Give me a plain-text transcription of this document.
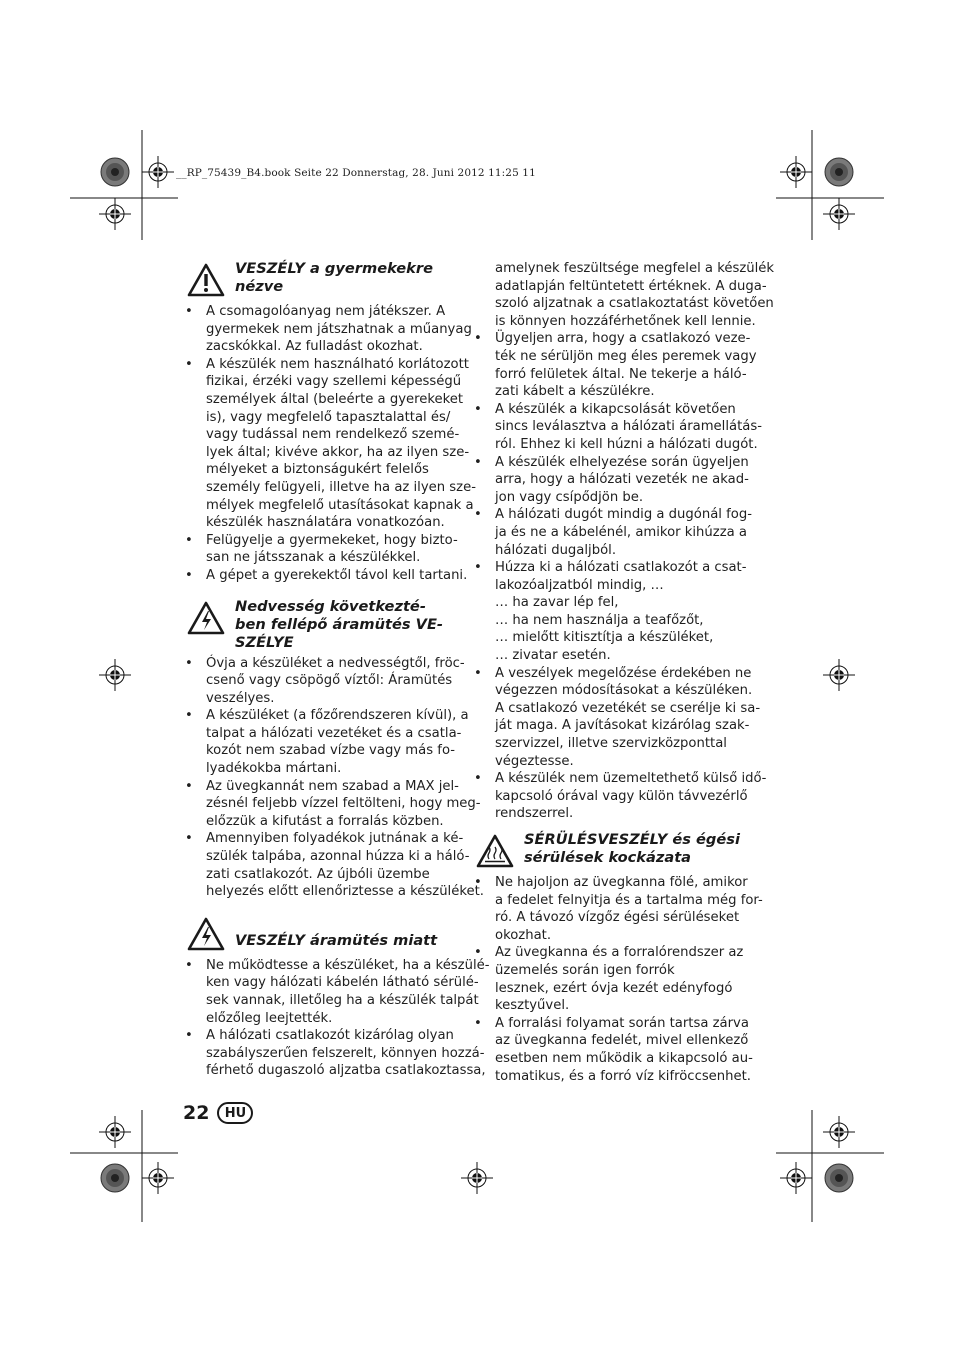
__RP_75439_B4.book Seite 22 Donnerstag, 28. Juni 2012 11:25 11
VESZÉLY a gyermekekre
nézve
• A csomagolóanyag nem játékszer. A
gyermekek nem játszhatnak a műanyag
zacskókkal. Az fulladást okozhat.
• A készülék nem használható korlátozott
fizikai, érzéki vagy szellemi képességű
személyek által (beleérte a gyerekeket
is), vagy megfelelő tapasztalattal és/
vagy tudással nem rendelkező szemé-
lyek által; kivéve akkor, ha az ilyen sze-
mélyeket a biztonságukért felelős
személy felügyeli, illetve ha az ilyen sze-
mélyek megfelelő utasításokat kapnak a
készülék használatára vonatkozóan.
• Felügyelje a gyermekeket, hogy bizto-
san ne játsszanak a készülékkel.
• A gépet a gyerekektől távol kell tartani.
Nedvesség következté-
ben fellépő áramütés VE-
SZÉLYE
• Óvja a készüléket a nedvességtől, fröc-
csenő vagy csöpögő víztől: Áramütés
veszélyes.
• A készüléket (a főzőrendszeren kívül), a
talpat a hálózati vezetéket és a csatla-
kozót nem szabad vízbe vagy más fo-
lyadékokba mártani.
• Az üvegkannát nem szabad a MAX jel-
zésnél feljebb vízzel feltölteni, hogy meg-
előzzük a kifutást a forralás közben.
• Amennyiben folyadékok jutnának a ké-
szülék talpába, azonnal húzza ki a háló-
zati csatlakozót. Az újbóli üzembe
helyezés előtt ellenőriztesse a készüléket.
VESZÉLY áramütés miatt
• Ne működtesse a készüléket, ha a készülé-
ken vagy hálózati kábelén látható sérülé-
sek vannak, illetőleg ha a készülék talpát
előzőleg leejtették.
• A hálózati csatlakozót kizárólag olyan
szabályszerűen felszerelt, könnyen hozzá-
férhető dugaszoló aljzatba csatlakoztassa,
amelynek feszültsége megfelel a készülék
adatlapján feltüntetett értéknek. A duga-
szoló aljzatnak a csatlakoztatást követően
is könnyen hozzáférhetőnek kell lennie.
• Ügyeljen arra, hogy a csatlakozó veze-
ték ne sérüljön meg éles peremek vagy
forró felületek által. Ne tekerje a háló-
zati kábelt a készülékre.
• A készülék a kikapcsolását követően
sincs leválasztva a hálózati áramellátás-
ról. Ehhez ki kell húzni a hálózati dugót.
• A készülék elhelyezése során ügyeljen
arra, hogy a hálózati vezeték ne akad-
jon vagy csípődjön be.
• A hálózati dugót mindig a dugónál fog-
ja és ne a kábelénél, amikor kihúzza a
hálózati dugaljból.
• Húzza ki a hálózati csatlakozót a csat-
lakozóaljzatból mindig, …
… ha zavar lép fel,
… ha nem használja a teafőzőt,
… mielőtt kitisztítja a készüléket,
… zivatar esetén.
• A veszélyek megelőzése érdekében ne
végezzen módosításokat a készüléken.
A csatlakozó vezetékét se cserélje ki sa-
ját maga. A javításokat kizárólag szak-
szervizzel, illetve szervizközponttal
végeztesse.
• A készülék nem üzemeltethető külső idő-
kapcsoló órával vagy külön távvezérlő
rendszerrel.
SÉRÜLÉSVESZÉLY és égési
sérülések kockázata
• Ne hajoljon az üvegkanna fölé, amikor
a fedelet felnyitja és a tartalma még for-
ró. A távozó vízgőz égési sérüléseket
okozhat.
• Az üvegkanna és a forralórendszer az
üzemelés során igen forrók
lesznek, ezért óvja kezét edényfogó
kesztyűvel.
• A forralási folyamat során tartsa zárva
az üvegkanna fedelét, mivel ellenkező
esetben nem működik a kikapcsoló au-
tomatikus, és a forró víz kifröccsenhet.
22	HU
